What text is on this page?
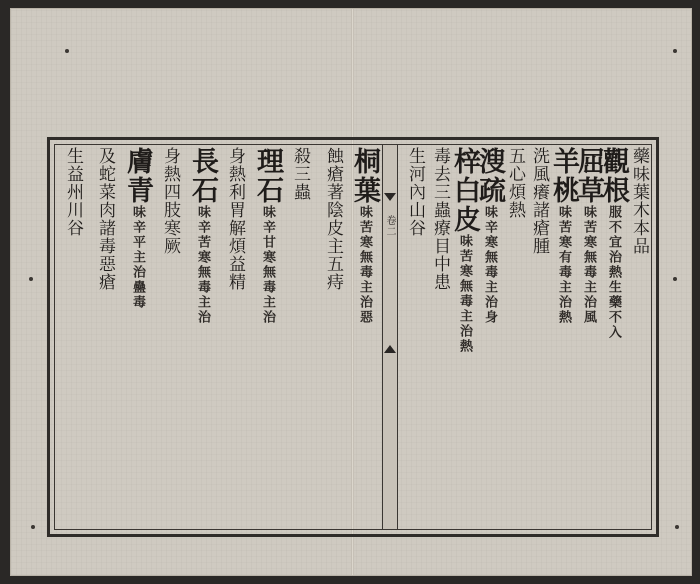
卷二	藥味葉木本品
觀根服不宜治熱生藥不入
屈草味苦寒無毒主治風
羊桃味苦寒有毒主治熱
洗風癢諸瘡腫
五心煩熱
溲疏味辛寒無毒主治身
梓白皮味苦寒無毒主治熱
毒去三蟲療目中患
生河內山谷
桐葉味苦寒無毒主治惡
蝕瘡著陰皮主五痔
殺三蟲
理石味辛甘寒無毒主治
身熱利胃解煩益精
長石味辛苦寒無毒主治
身熱四肢寒厥
膚青味辛平主治蠱毒
及蛇菜肉諸毒惡瘡
生益州川谷
